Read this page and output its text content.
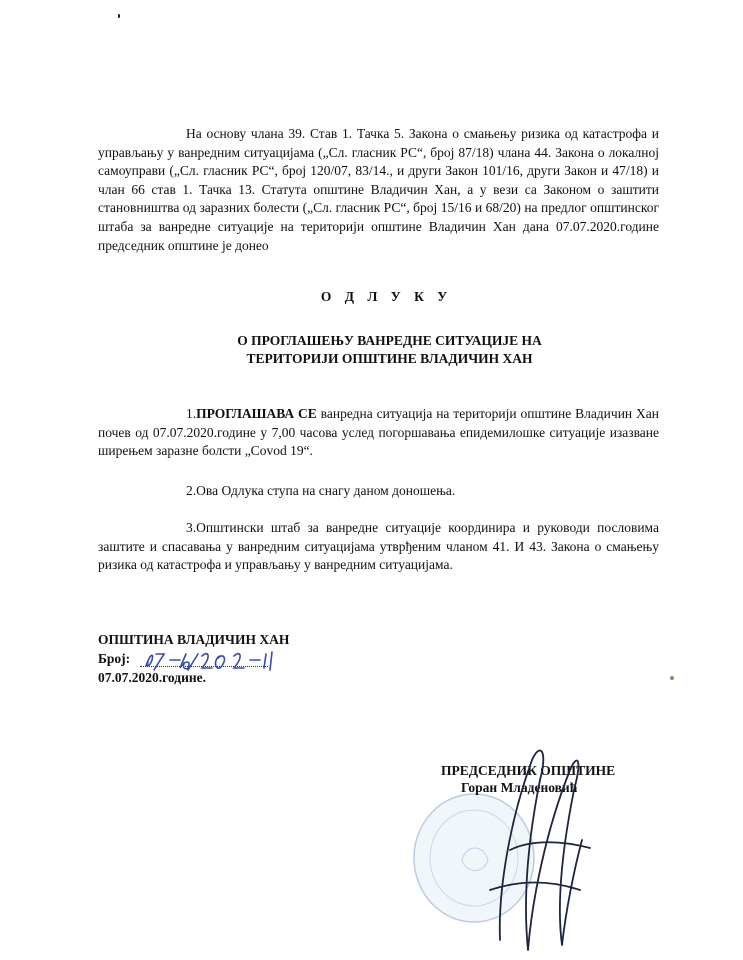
На основу члана 39. Став 1. Тачка 5. Закона о смањењу ризика од катастрофа и управљању у ванредним ситуацијама („Сл. гласник РС“, број 87/18) члана 44. Закона о локалној самоуправи („Сл. гласник РС“, број 120/07, 83/14., и други Закон 101/16, други Закон и 47/18) и члан 66 став 1. Тачка 13. Статута општине Владичин Хан, а у вези са Законом о заштити становништва од заразних болести („Сл. гласник РС“, број 15/16 и 68/20) на предлог општинског штаба за ванредне ситуације на територији општине Владичин Хан дана 07.07.2020.године председник општине је донео

О Д Л У К У
О ПРОГЛАШЕЊУ ВАНРЕДНЕ СИТУАЦИЈЕ НА
ТЕРИТОРИЈИ ОПШТИНЕ ВЛАДИЧИН ХАН

1.ПРОГЛАШАВА СЕ ванредна ситуација на територији општине Владичин Хан почев од 07.07.2020.године у 7,00 часова услед погоршавања епидемилошке ситуације изазване ширењем заразне болсти „Covod 19“.

2.Ова Одлука ступа на снагу даном доношења.

3.Општински штаб за ванредне ситуације координира и руководи пословима заштите и спасавања у ванредним ситуацијама утврђеним чланом 41. И 43. Закона о смањењу ризика од катастрофа и управљању у ванредним ситуацијама.

ОПШТИНА ВЛАДИЧИН ХАН
Број:
07.07.2020.године.
ПРЕДСЕДНИК ОПШТИНЕ
Горан Младеновић
